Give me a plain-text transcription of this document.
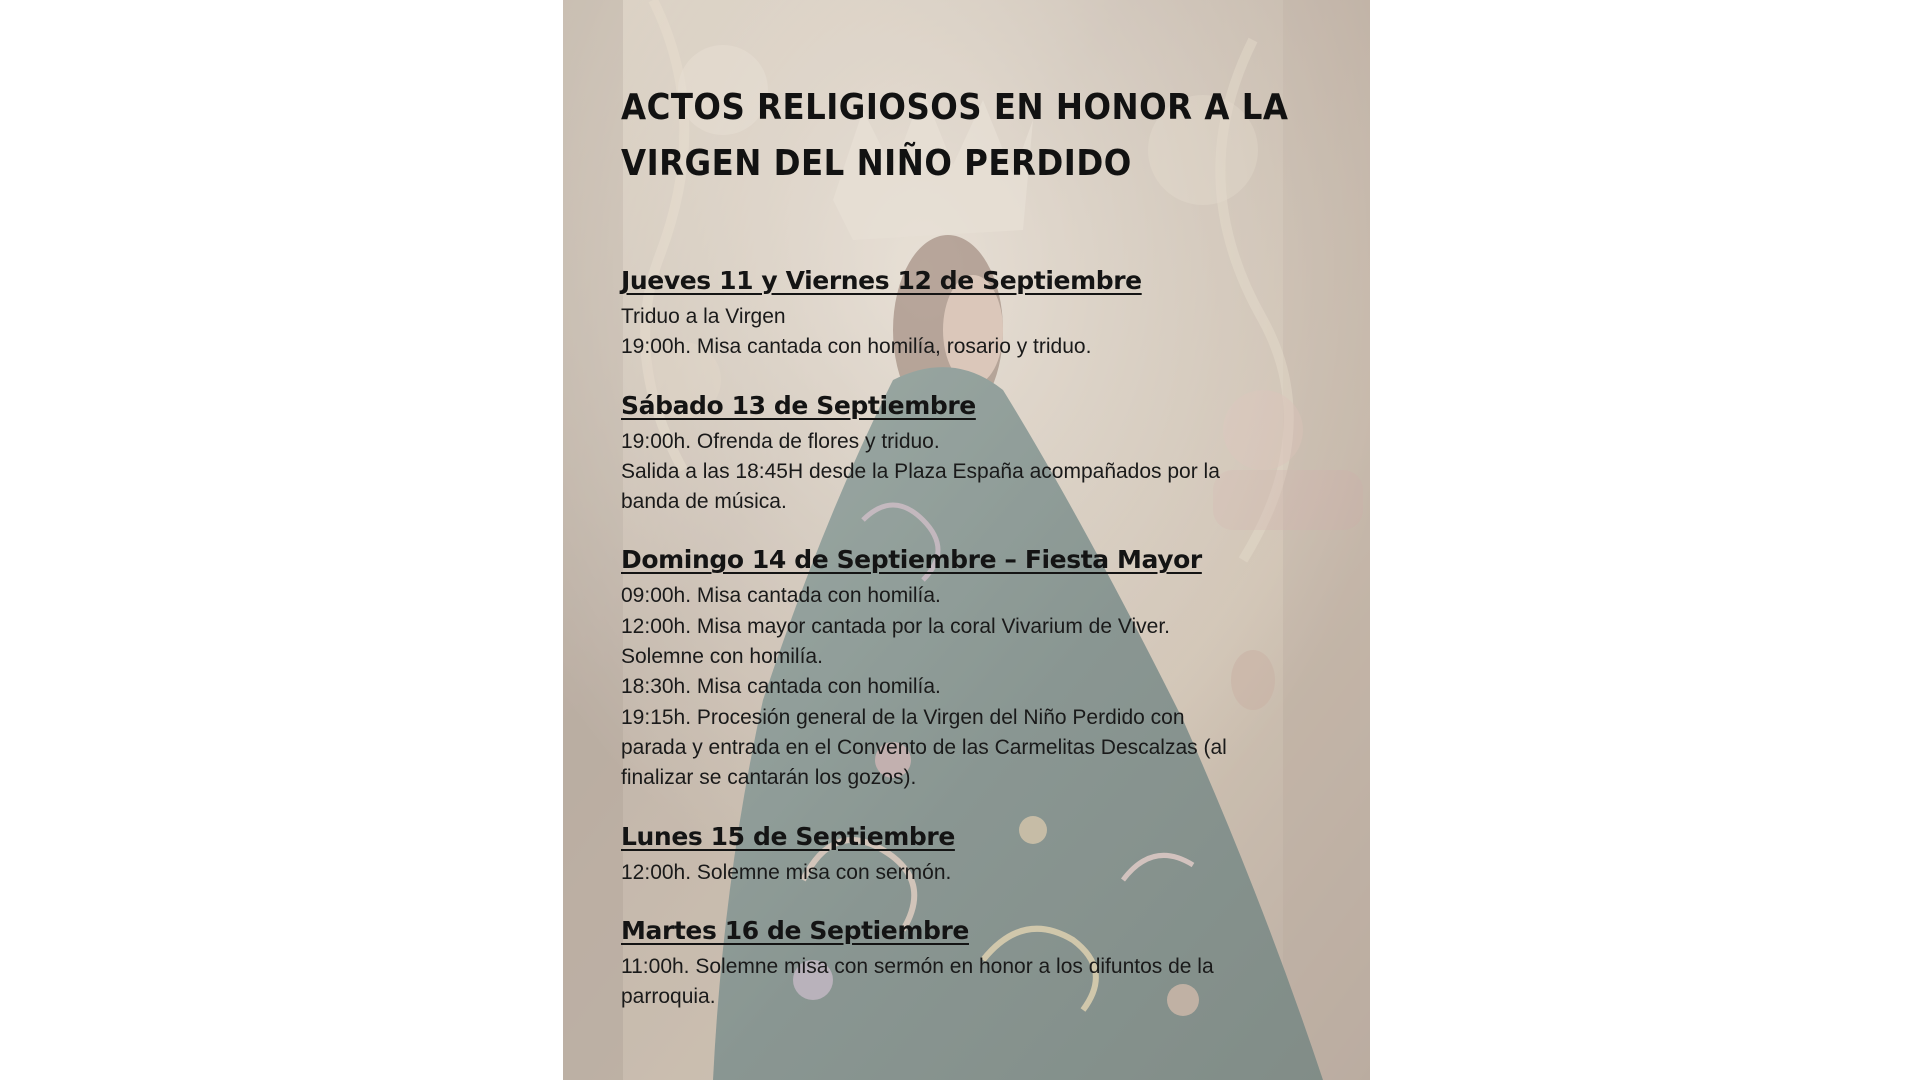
ACTOS RELIGIOSOS EN HONOR A LA
VIRGEN DEL NIÑO PERDIDO
Jueves 11 y Viernes 12 de Septiembre

Triduo a la Virgen

19:00h. Misa cantada con homilía, rosario y triduo.

Sábado 13 de Septiembre

19:00h. Ofrenda de flores y triduo.

Salida a las 18:45H desde la Plaza España acompañados por la

banda de música.

Domingo 14 de Septiembre – Fiesta Mayor

09:00h. Misa cantada con homilía.

12:00h. Misa mayor cantada por la coral Vivarium de Viver.

Solemne con homilía.

18:30h. Misa cantada con homilía.

19:15h. Procesión general de la Virgen del Niño Perdido con

parada y entrada en el Convento de las Carmelitas Descalzas (al

finalizar se cantarán los gozos).

Lunes 15 de Septiembre

12:00h. Solemne misa con sermón.

Martes 16 de Septiembre

11:00h. Solemne misa con sermón en honor a los difuntos de la

parroquia.
